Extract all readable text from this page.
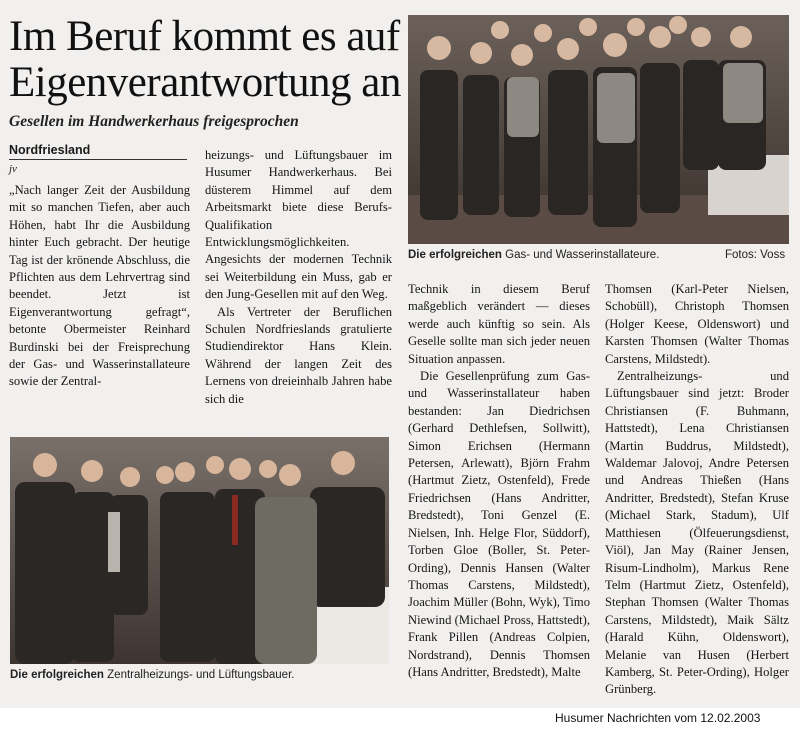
Im Beruf kommt es auf Eigenverantwortung an
Gesellen im Handwerkerhaus freigesprochen
Nordfriesland
jv

„Nach langer Zeit der Ausbildung mit so manchen Tiefen, aber auch Höhen, habt Ihr die Ausbildung hinter Euch gebracht. Der heutige Tag ist der krönende Abschluss, die Pflichten aus dem Lehrvertrag sind beendet. Jetzt ist Eigenverantwortung gefragt“, betonte Obermeister Reinhard Burdinski bei der Freisprechung der Gas- und Wasserinstallateure sowie der Zentral-

heizungs- und Lüftungsbauer im Husumer Handwerkerhaus. Bei düsterem Himmel auf dem Arbeitsmarkt biete diese Berufs-Qualifikation Entwicklungsmöglichkeiten. Angesichts der modernen Technik sei Weiterbildung ein Muss, gab er den Jung-Gesellen mit auf den Weg.

Als Vertreter der Beruflichen Schulen Nordfrieslands gratulierte Studiendirektor Hans Klein. Während der langen Zeit des Lernens von dreieinhalb Jahren habe sich die

Die erfolgreichen Gas- und Wasserinstallateure.	Fotos: Voss

Technik in diesem Beruf maßgeblich verändert — dieses werde auch künftig so sein. Als Geselle sollte man sich jeder neuen Situation anpassen.

Die Gesellenprüfung zum Gas- und Wasserinstallateur haben bestanden: Jan Diedrichsen (Gerhard Dethlefsen, Sollwitt), Simon Erichsen (Hermann Petersen, Arlewatt), Björn Frahm (Hartmut Zietz, Ostenfeld), Frede Friedrichsen (Hans Andritter, Bredstedt), Toni Genzel (E. Nielsen, Inh. Helge Flor, Süddorf), Torben Gloe (Boller, St. Peter-Ording), Dennis Hansen (Walter Thomas Carstens, Mildstedt), Joachim Müller (Bohn, Wyk), Timo Niewind (Michael Pross, Hattstedt), Frank Pillen (Andreas Colpien, Nordstrand), Dennis Thomsen (Hans Andritter, Bredstedt), Malte

Thomsen (Karl-Peter Nielsen, Schobüll), Christoph Thomsen (Holger Keese, Oldenswort) und Karsten Thomsen (Walter Thomas Carstens, Mildstedt).

Zentralheizungs- und Lüftungsbauer sind jetzt: Broder Christiansen (F. Buhmann, Hattstedt), Lena Christiansen (Martin Buddrus, Mildstedt), Waldemar Jalovoj, Andre Petersen und Andreas Thießen (Hans Andritter, Bredstedt), Stefan Kruse (Michael Stark, Stadum), Ulf Matthiesen (Ölfeuerungsdienst, Viöl), Jan May (Rainer Jensen, Risum-Lindholm), Markus Rene Telm (Hartmut Zietz, Ostenfeld), Stephan Thomsen (Walter Thomas Carstens, Mildstedt), Maik Sältz (Harald Kühn, Oldenswort), Melanie van Husen (Herbert Kamberg, St. Peter-Ording), Holger Grünberg.

Die erfolgreichen Zentralheizungs- und Lüftungsbauer.
Husumer Nachrichten vom 12.02.2003
